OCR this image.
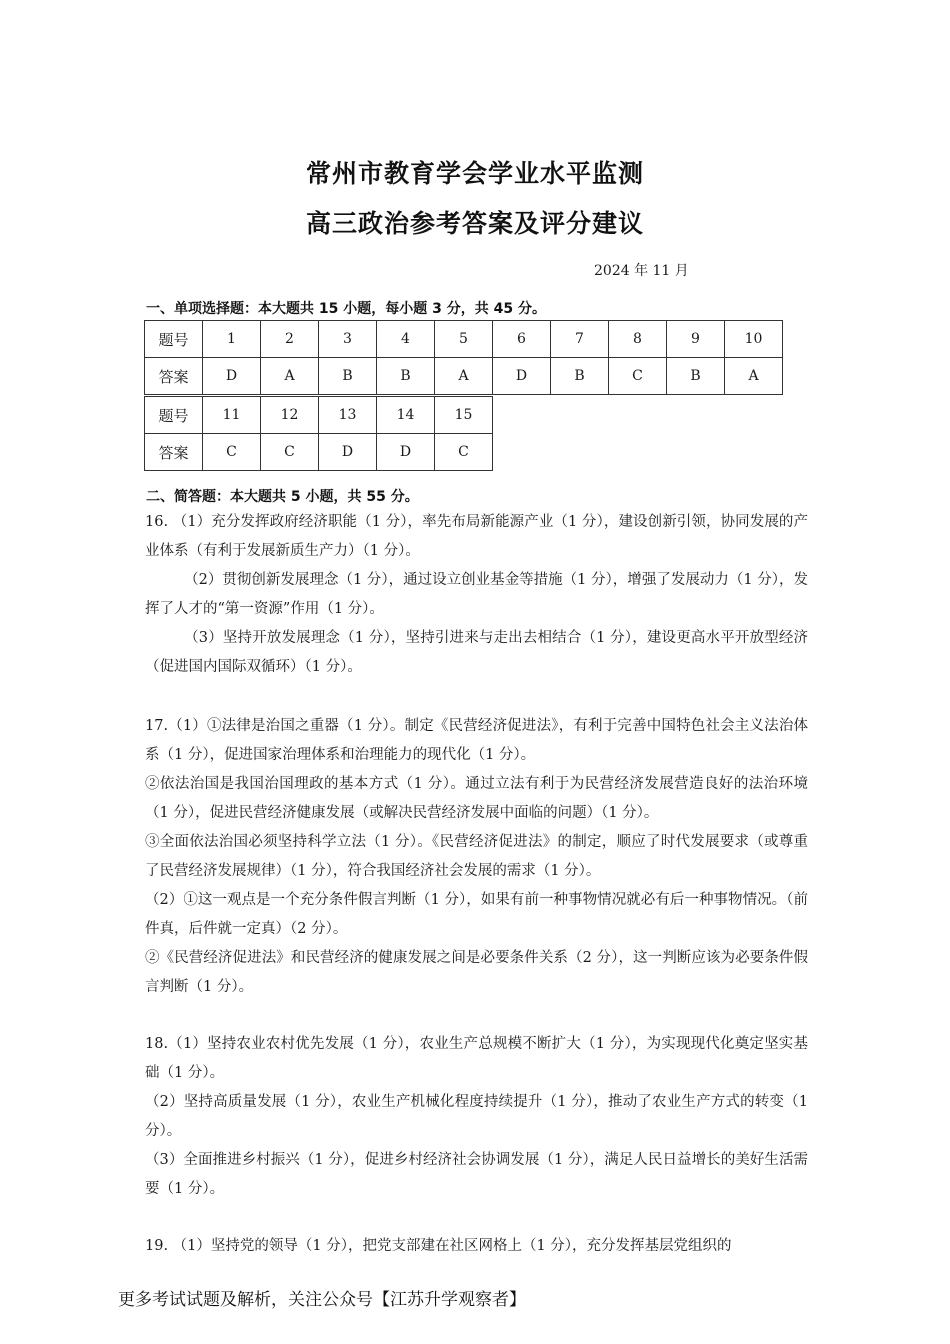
常州市教育学会学业水平监测
高三政治参考答案及评分建议
2024 年 11 月
一、单项选择题：本大题共 15 小题，每小题 3 分，共 45 分。
题号	1	2	3	4	5	6	7	8	9	10
答案	D	A	B	B	A	D	B	C	B	A
题号	11	12	13	14	15
答案	C	C	D	D	C
二、简答题：本大题共 5 小题，共 55 分。

16. （1）充分发挥政府经济职能（1 分），率先布局新能源产业（1 分），建设创新引领，协同发展的产业体系（有利于发展新质生产力）（1 分）。

（2）贯彻创新发展理念（1 分），通过设立创业基金等措施（1 分），增强了发展动力（1 分），发挥了人才的“第一资源”作用（1 分）。

（3）坚持开放发展理念（1 分），坚持引进来与走出去相结合（1 分），建设更高水平开放型经济（促进国内国际双循环）（1 分）。

17.（1）①法律是治国之重器（1 分）。制定《民营经济促进法》，有利于完善中国特色社会主义法治体系（1 分），促进国家治理体系和治理能力的现代化（1 分）。

②依法治国是我国治国理政的基本方式（1 分）。通过立法有利于为民营经济发展营造良好的法治环境（1 分），促进民营经济健康发展（或解决民营经济发展中面临的问题）（1 分）。

③全面依法治国必须坚持科学立法（1 分）。《民营经济促进法》的制定，顺应了时代发展要求（或尊重了民营经济发展规律）（1 分），符合我国经济社会发展的需求（1 分）。

（2）①这一观点是一个充分条件假言判断（1 分），如果有前一种事物情况就必有后一种事物情况。（前件真，后件就一定真）（2 分）。

②《民营经济促进法》和民营经济的健康发展之间是必要条件关系（2 分），这一判断应该为必要条件假言判断（1 分）。

18.（1）坚持农业农村优先发展（1 分），农业生产总规模不断扩大（1 分），为实现现代化奠定坚实基础（1 分）。

（2）坚持高质量发展（1 分），农业生产机械化程度持续提升（1 分），推动了农业生产方式的转变（1 分）。

（3）全面推进乡村振兴（1 分），促进乡村经济社会协调发展（1 分），满足人民日益增长的美好生活需要（1 分）。

19. （1）坚持党的领导（1 分），把党支部建在社区网格上（1 分），充分发挥基层党组织的

更多考试试题及解析，关注公众号【江苏升学观察者】
